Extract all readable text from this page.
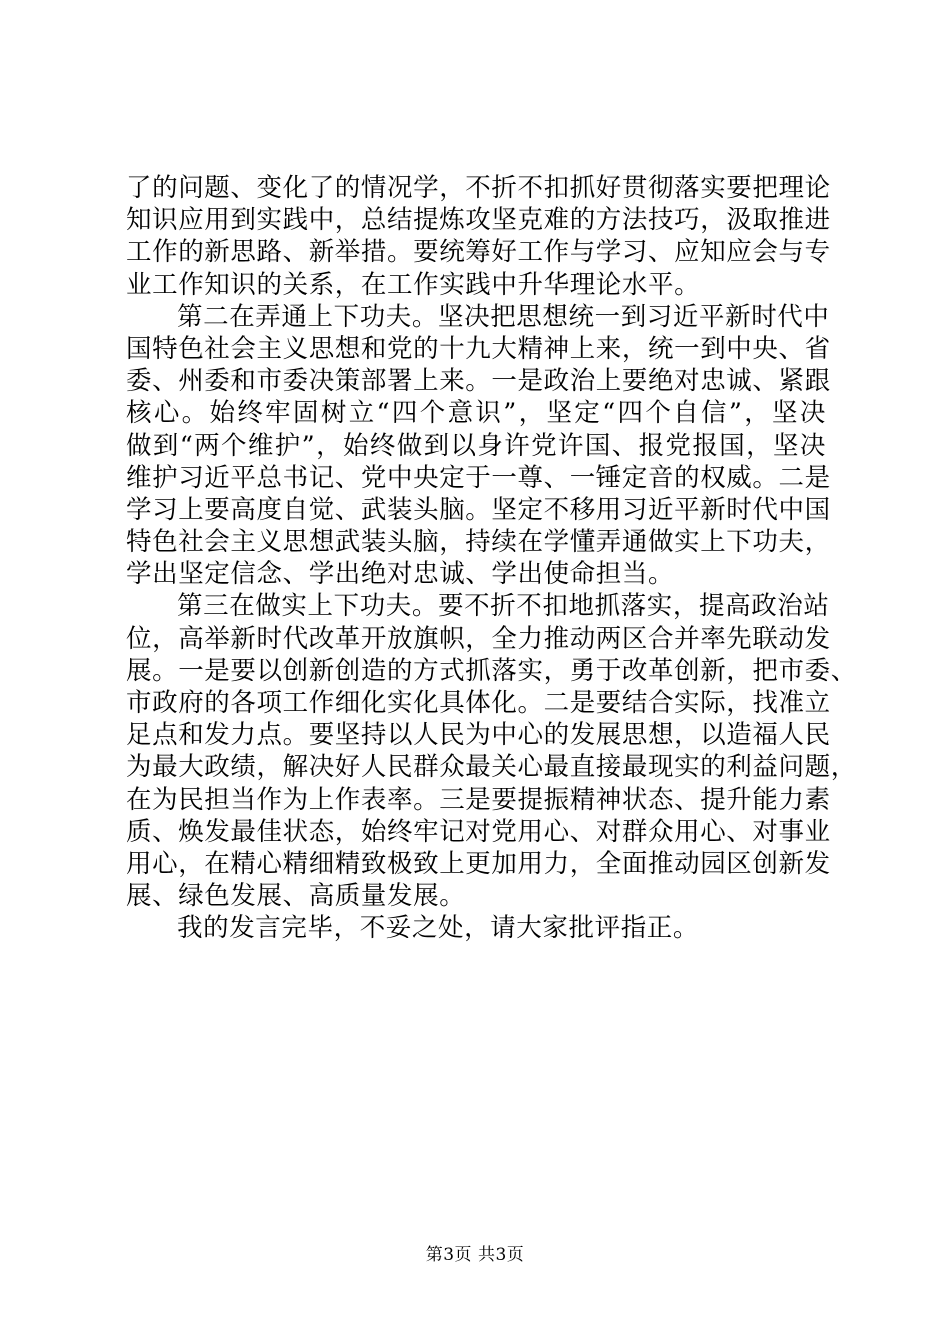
了的问题、变化了的情况学，不折不扣抓好贯彻落实要把理论
知识应用到实践中，总结提炼攻坚克难的方法技巧，汲取推进
工作的新思路、新举措。要统筹好工作与学习、应知应会与专
业工作知识的关系，在工作实践中升华理论水平。
第二在弄通上下功夫。坚决把思想统一到习近平新时代中
国特色社会主义思想和党的十九大精神上来，统一到中央、省
委、州委和市委决策部署上来。一是政治上要绝对忠诚、紧跟
核心。始终牢固树立“四个意识”，坚定“四个自信”，坚决
做到“两个维护”，始终做到以身许党许国、报党报国，坚决
维护习近平总书记、党中央定于一尊、一锤定音的权威。二是
学习上要高度自觉、武装头脑。坚定不移用习近平新时代中国
特色社会主义思想武装头脑，持续在学懂弄通做实上下功夫，
学出坚定信念、学出绝对忠诚、学出使命担当。
第三在做实上下功夫。要不折不扣地抓落实，提高政治站
位，高举新时代改革开放旗帜，全力推动两区合并率先联动发
展。一是要以创新创造的方式抓落实，勇于改革创新，把市委、
市政府的各项工作细化实化具体化。二是要结合实际，找准立
足点和发力点。要坚持以人民为中心的发展思想，以造福人民
为最大政绩，解决好人民群众最关心最直接最现实的利益问题，
在为民担当作为上作表率。三是要提振精神状态、提升能力素
质、焕发最佳状态，始终牢记对党用心、对群众用心、对事业
用心，在精心精细精致极致上更加用力，全面推动园区创新发
展、绿色发展、高质量发展。
我的发言完毕，不妥之处，请大家批评指正。
第3页 共3页
